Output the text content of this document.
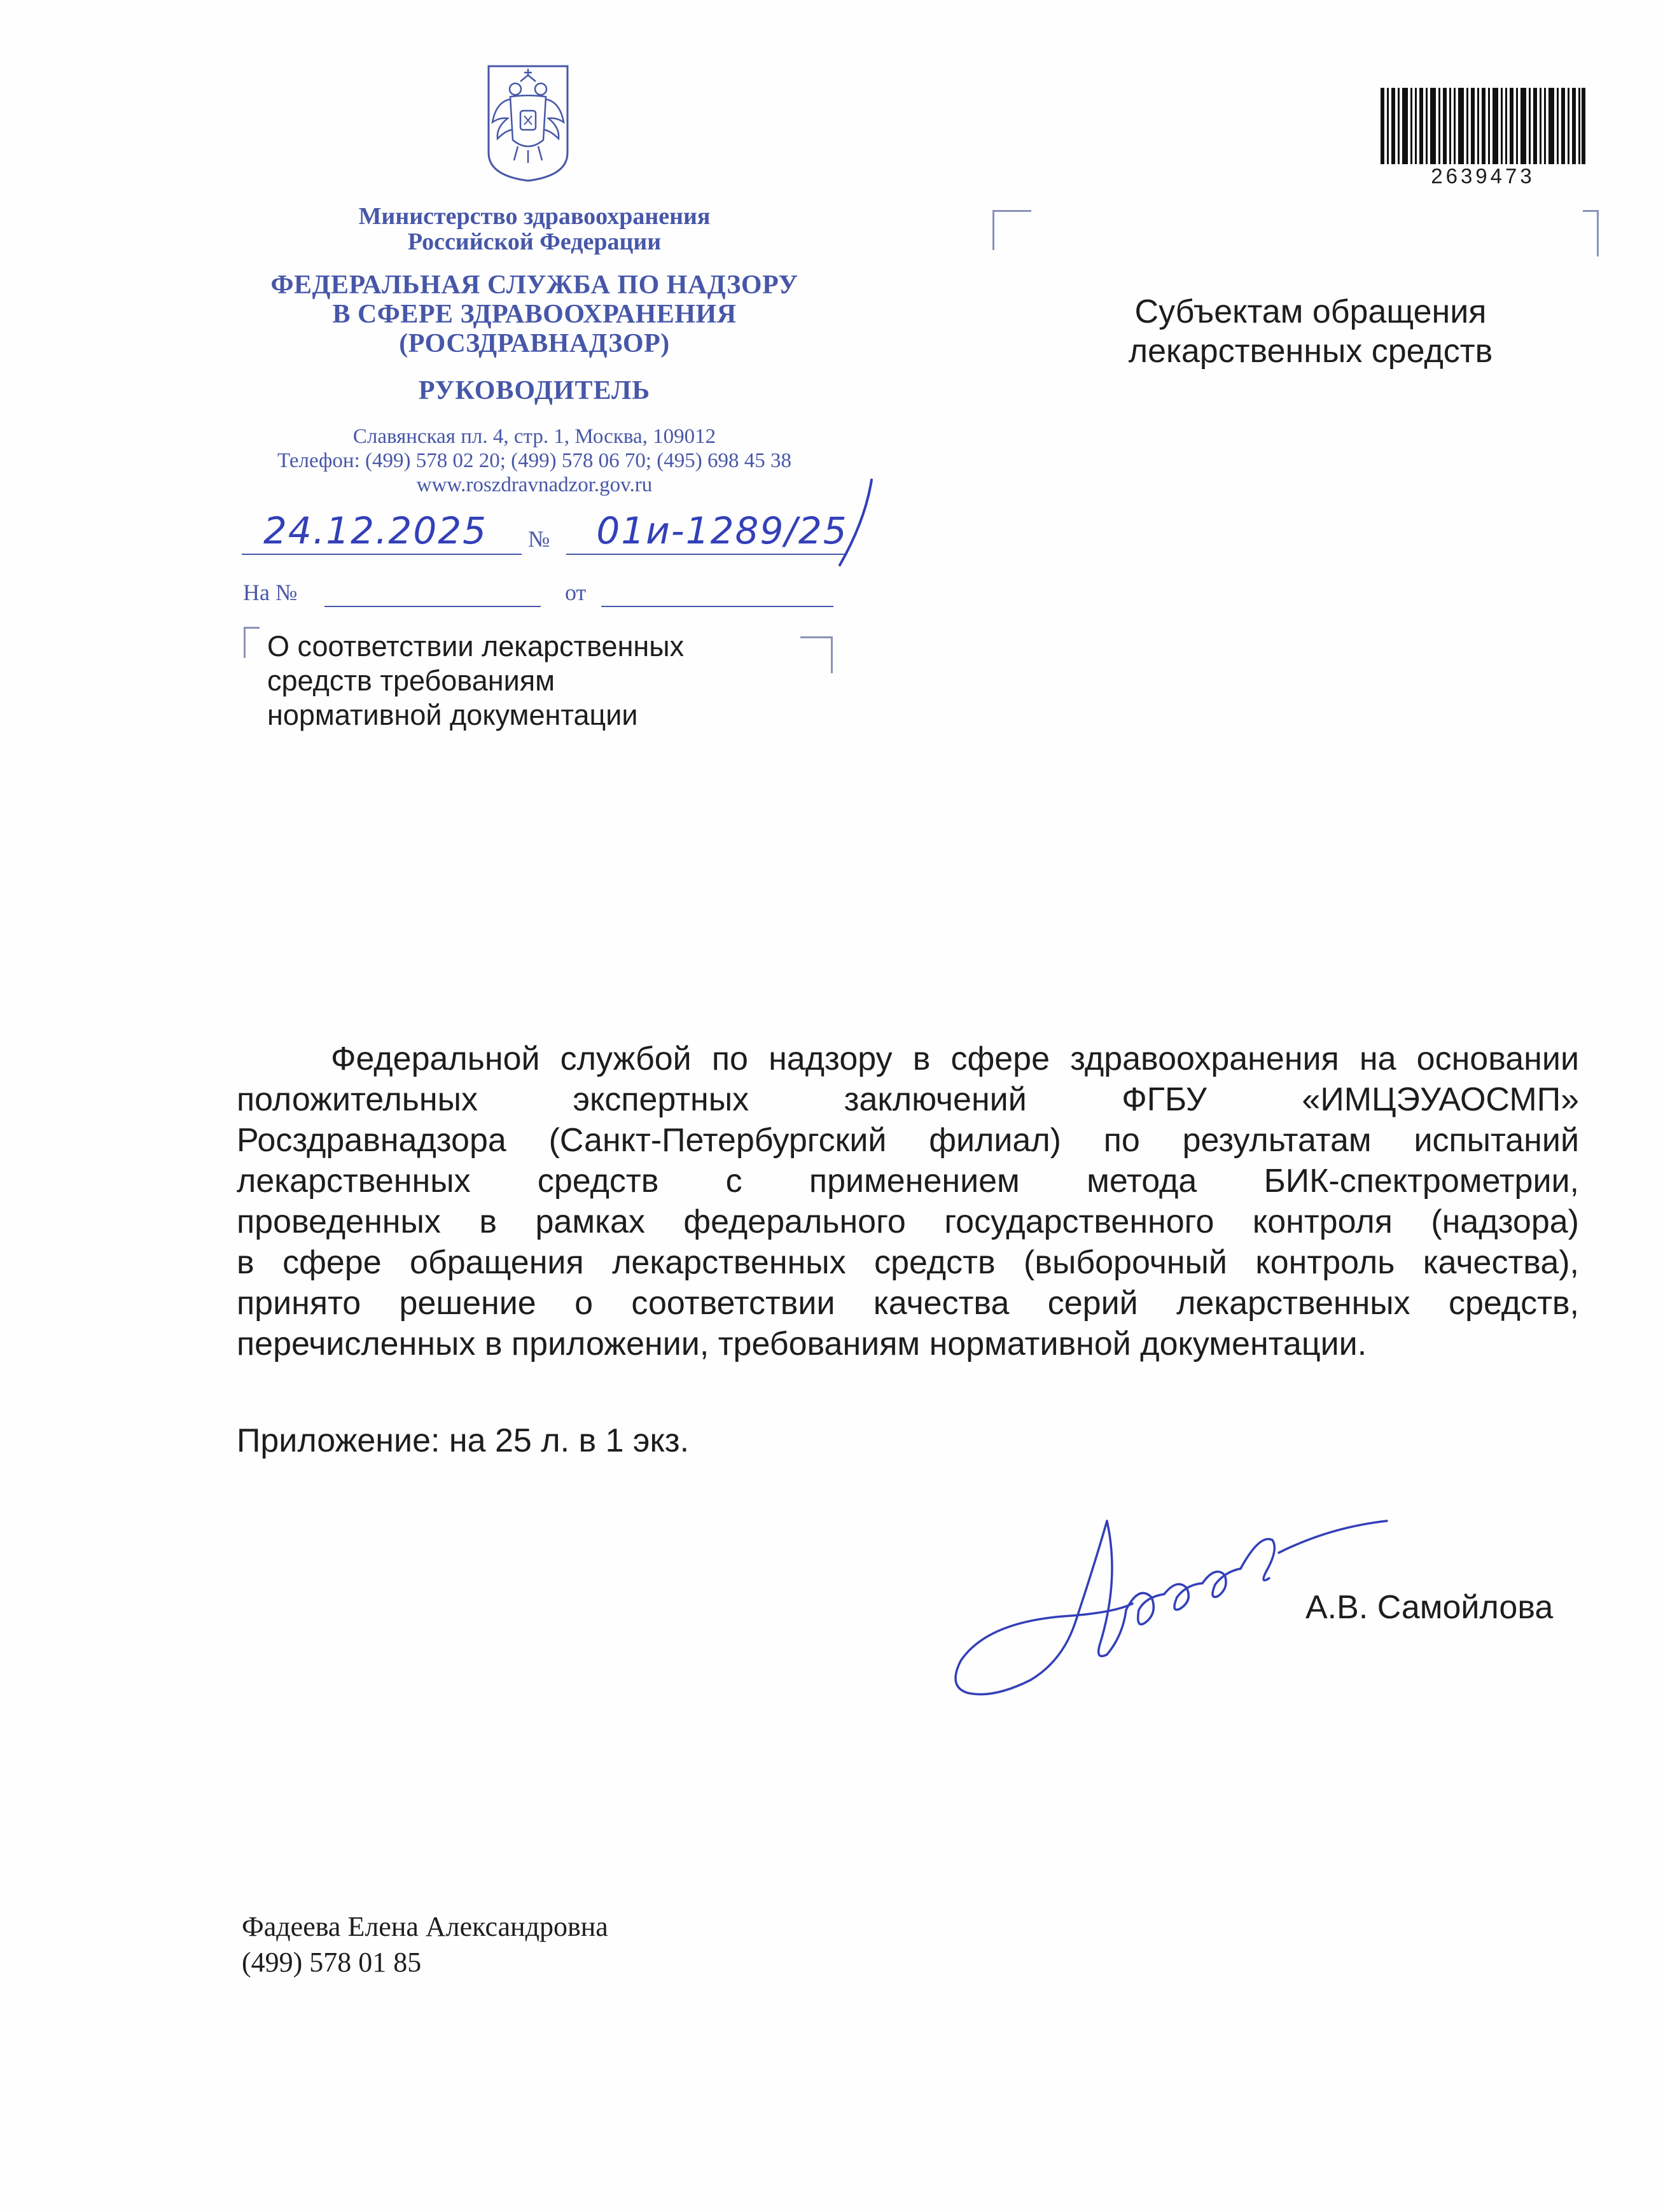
Министерство здравоохранения
Российской Федерации
ФЕДЕРАЛЬНАЯ СЛУЖБА ПО НАДЗОРУ
В СФЕРЕ ЗДРАВООХРАНЕНИЯ
(РОСЗДРАВНАДЗОР)
РУКОВОДИТЕЛЬ
Славянская пл. 4, стр. 1, Москва, 109012
Телефон: (499) 578 02 20; (499) 578 06 70; (495) 698 45 38
www.roszdravnadzor.gov.ru
24.12.2025	№	01и-1289/25
На №	от
О соответствии лекарственных
средств требованиям
нормативной документации
Субъектам обращения
лекарственных средств
2639473
Федеральной службой по надзору в сфере здравоохранения на основании
положительных экспертных заключений ФГБУ «ИМЦЭУАОСМП»
Росздравнадзора (Санкт-Петербургский филиал) по результатам испытаний
лекарственных средств с применением метода БИК-спектрометрии,
проведенных в рамках федерального государственного контроля (надзора)
в сфере обращения лекарственных средств (выборочный контроль качества),
принято решение о соответствии качества серий лекарственных средств,
перечисленных в приложении, требованиям нормативной документации.
Приложение: на 25 л. в 1 экз.
А.В. Самойлова
Фадеева Елена Александровна
(499) 578 01 85
